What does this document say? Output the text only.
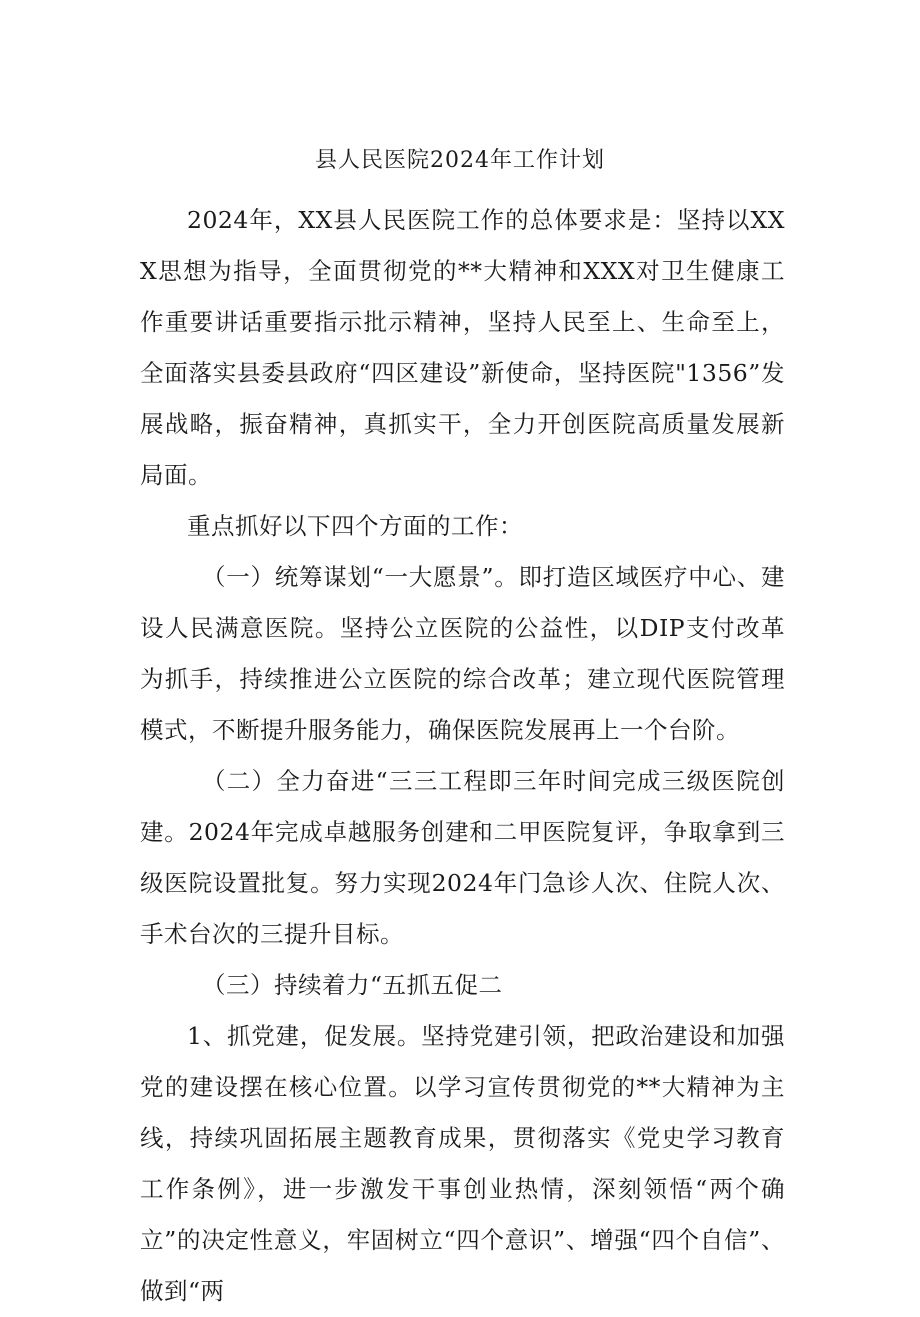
县人民医院2024年工作计划

2024年，XX县人民医院工作的总体要求是：坚持以XXX思想为指导，全面贯彻党的**大精神和XXX对卫生健康工作重要讲话重要指示批示精神，坚持人民至上、生命至上，全面落实县委县政府“四区建设”新使命，坚持医院"1356”发展战略，振奋精神，真抓实干，全力开创医院高质量发展新局面。

重点抓好以下四个方面的工作：

（一）统筹谋划“一大愿景”。即打造区域医疗中心、建设人民满意医院。坚持公立医院的公益性，以DIP支付改革为抓手，持续推进公立医院的综合改革；建立现代医院管理模式，不断提升服务能力，确保医院发展再上一个台阶。

（二）全力奋进“三三工程即三年时间完成三级医院创建。2024年完成卓越服务创建和二甲医院复评，争取拿到三级医院设置批复。努力实现2024年门急诊人次、住院人次、手术台次的三提升目标。

（三）持续着力“五抓五促二

1、抓党建，促发展。坚持党建引领，把政治建设和加强党的建设摆在核心位置。以学习宣传贯彻党的**大精神为主线，持续巩固拓展主题教育成果，贯彻落实《党史学习教育工作条例》，进一步激发干事创业热情，深刻领悟“两个确立”的决定性意义，牢固树立“四个意识”、增强“四个自信”、做到“两
